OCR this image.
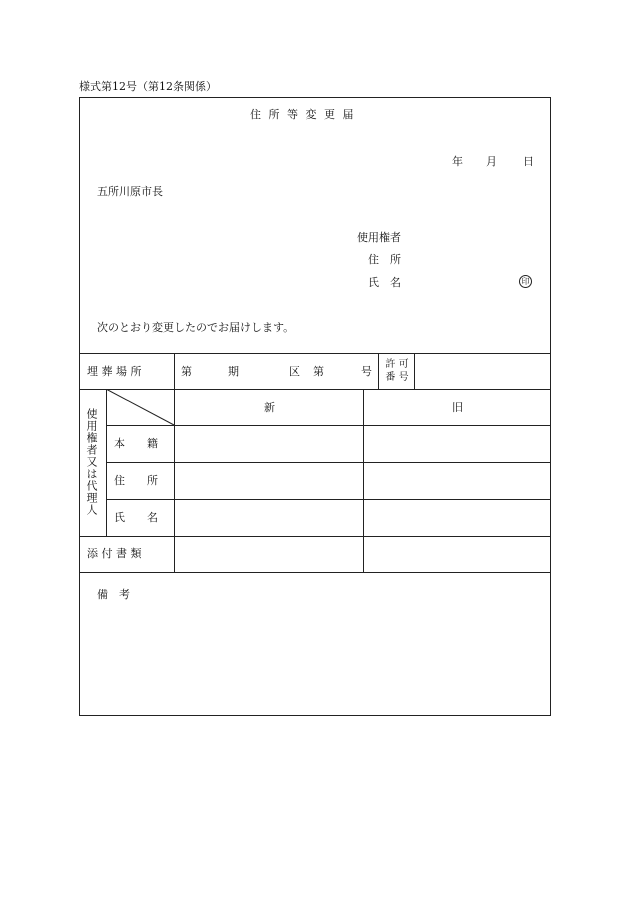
様式第12号（第12条関係）
住 所 等 変 更 届
年 月 日
五所川原市長
使用権者
住　所
氏　名	印
次のとおり変更したのでお届けします。
埋 葬 場 所	第	期	区 第	号
許 可
番 号
使用権者又は代理人
新	旧
本　　籍
住　　所
氏　　名
添 付 書 類
備　考
